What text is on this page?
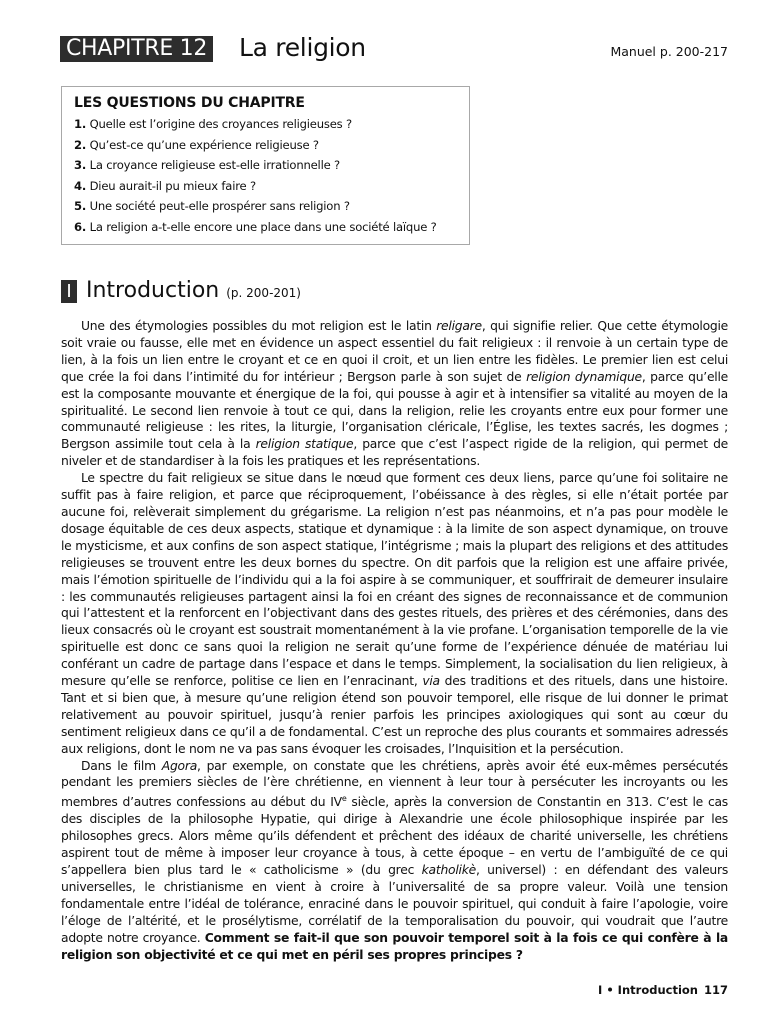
CHAPITRE 12 La religion	Manuel p. 200-217
LES QUESTIONS DU CHAPITRE
1. Quelle est l’origine des croyances religieuses ?
2. Qu’est-ce qu’une expérience religieuse ?
3. La croyance religieuse est-elle irrationnelle ?
4. Dieu aurait-il pu mieux faire ?
5. Une société peut-elle prospérer sans religion ?
6. La religion a-t-elle encore une place dans une société laïque ?
I Introduction (p. 200-201)

Une des étymologies possibles du mot religion est le latin religare, qui signifie relier. Que cette étymologie soit vraie ou fausse, elle met en évidence un aspect essentiel du fait religieux : il renvoie à un certain type de lien, à la fois un lien entre le croyant et ce en quoi il croit, et un lien entre les fidèles. Le premier lien est celui que crée la foi dans l’intimité du for intérieur ; Bergson parle à son sujet de religion dynamique, parce qu’elle est la composante mouvante et énergique de la foi, qui pousse à agir et à intensifier sa vitalité au moyen de la spiritualité. Le second lien renvoie à tout ce qui, dans la religion, relie les croyants entre eux pour former une communauté religieuse : les rites, la liturgie, l’organisation cléricale, l’Église, les textes sacrés, les dogmes ; Bergson assimile tout cela à la religion statique, parce que c’est l’aspect rigide de la religion, qui permet de niveler et de standardiser à la fois les pratiques et les représentations.

Le spectre du fait religieux se situe dans le nœud que forment ces deux liens, parce qu’une foi solitaire ne suffit pas à faire religion, et parce que réciproquement, l’obéissance à des règles, si elle n’était portée par aucune foi, relèverait simplement du grégarisme. La religion n’est pas néanmoins, et n’a pas pour modèle le dosage équitable de ces deux aspects, statique et dynamique : à la limite de son aspect dynamique, on trouve le mysticisme, et aux confins de son aspect statique, l’intégrisme ; mais la plupart des religions et des attitudes religieuses se trouvent entre les deux bornes du spectre. On dit parfois que la religion est une affaire privée, mais l’émotion spirituelle de l’individu qui a la foi aspire à se communiquer, et souffrirait de demeurer insulaire : les communautés religieuses partagent ainsi la foi en créant des signes de reconnaissance et de communion qui l’attestent et la renforcent en l’objectivant dans des gestes rituels, des prières et des cérémonies, dans des lieux consacrés où le croyant est soustrait momentanément à la vie profane. L’organisation temporelle de la vie spirituelle est donc ce sans quoi la religion ne serait qu’une forme de l’expérience dénuée de matériau lui conférant un cadre de partage dans l’espace et dans le temps. Simplement, la socialisation du lien religieux, à mesure qu’elle se renforce, politise ce lien en l’enracinant, via des traditions et des rituels, dans une histoire. Tant et si bien que, à mesure qu’une religion étend son pouvoir temporel, elle risque de lui donner le primat relativement au pouvoir spirituel, jusqu’à renier parfois les principes axiologiques qui sont au cœur du sentiment religieux dans ce qu’il a de fondamental. C’est un reproche des plus courants et sommaires adressés aux religions, dont le nom ne va pas sans évoquer les croisades, l’Inquisition et la persécution.

Dans le film Agora, par exemple, on constate que les chrétiens, après avoir été eux-mêmes persécutés pendant les premiers siècles de l’ère chrétienne, en viennent à leur tour à persécuter les incroyants ou les membres d’autres confessions au début du IVe siècle, après la conversion de Constantin en 313. C’est le cas des disciples de la philosophe Hypatie, qui dirige à Alexandrie une école philosophique inspirée par les philosophes grecs. Alors même qu’ils défendent et prêchent des idéaux de charité universelle, les chrétiens aspirent tout de même à imposer leur croyance à tous, à cette époque – en vertu de l’ambiguïté de ce qui s’appellera bien plus tard le « catholicisme » (du grec katholikè, universel) : en défendant des valeurs universelles, le christianisme en vient à croire à l’universalité de sa propre valeur. Voilà une tension fondamentale entre l’idéal de tolérance, enraciné dans le pouvoir spirituel, qui conduit à faire l’apologie, voire l’éloge de l’altérité, et le prosélytisme, corrélatif de la temporalisation du pouvoir, qui voudrait que l’autre adopte notre croyance. Comment se fait-il que son pouvoir temporel soit à la fois ce qui confère à la religion son objectivité et ce qui met en péril ses propres principes ?

I • Introduction 117
